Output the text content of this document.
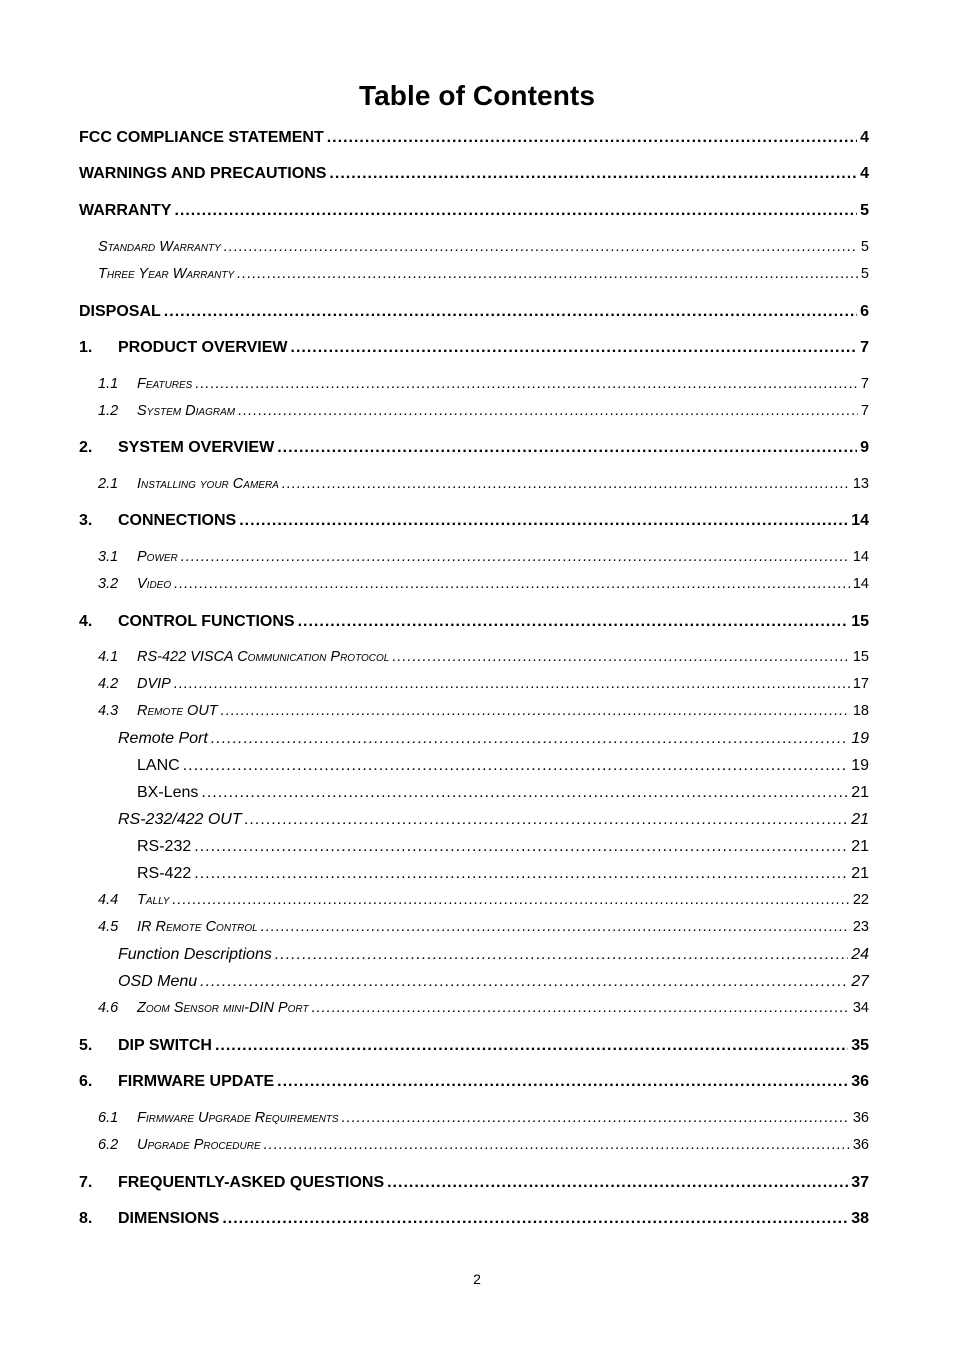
Table of Contents
FCC COMPLIANCE STATEMENT .....	4
WARNINGS AND PRECAUTIONS .....	4
WARRANTY .....	5
Standard Warranty .....	5
Three Year Warranty .....	5
DISPOSAL .....	6
1.	PRODUCT OVERVIEW .....	7
1.1	Features .....	7
1.2	System Diagram .....	7
2.	SYSTEM OVERVIEW .....	9
2.1	Installing your Camera .....	13
3.	CONNECTIONS .....	14
3.1	Power .....	14
3.2	Video .....	14
4.	CONTROL FUNCTIONS .....	15
4.1	RS-422 VISCA Communication Protocol .....	15
4.2	DVIP .....	17
4.3	Remote OUT .....	18
Remote Port .....	19
LANC .....	19
BX-Lens .....	21
RS-232/422 OUT .....	21
RS-232 .....	21
RS-422 .....	21
4.4	Tally .....	22
4.5	IR Remote Control .....	23
Function Descriptions .....	24
OSD Menu .....	27
4.6	Zoom Sensor mini-DIN Port .....	34
5.	DIP SWITCH .....	35
6.	FIRMWARE UPDATE .....	36
6.1	Firmware Upgrade Requirements .....	36
6.2	Upgrade Procedure .....	36
7.	FREQUENTLY-ASKED QUESTIONS .....	37
8.	DIMENSIONS .....	38
2
